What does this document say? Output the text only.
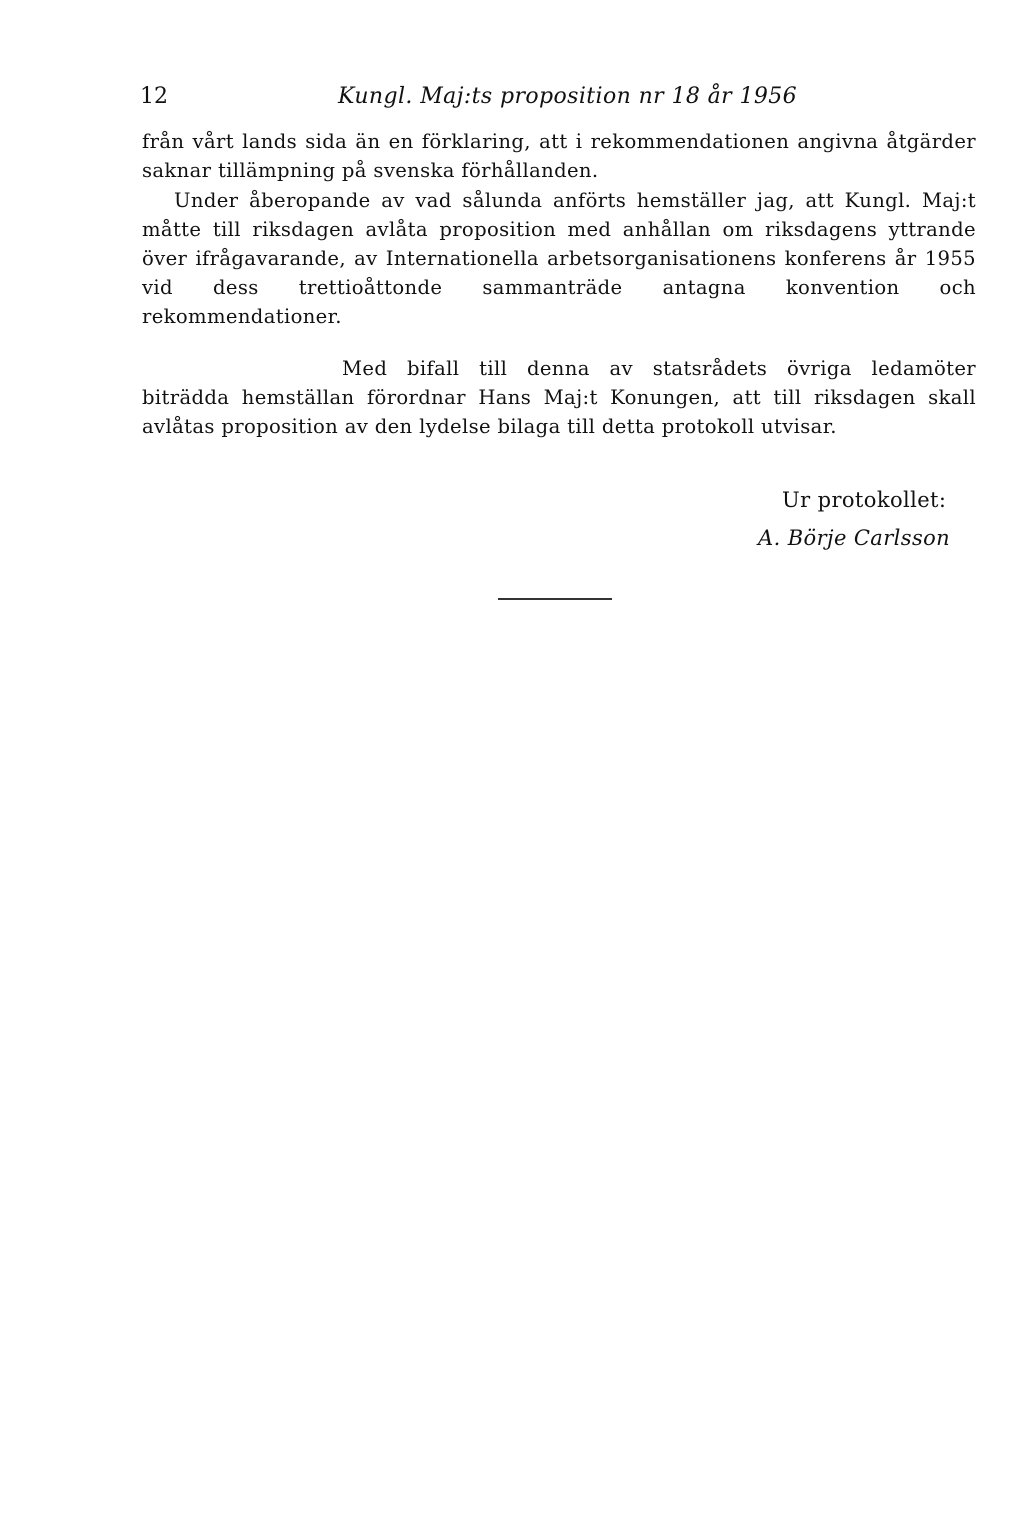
12	Kungl. Maj:ts proposition nr 18 år 1956

från vårt lands sida än en förklaring, att i rekommendationen angivna åtgärder saknar tillämpning på svenska förhållanden.

Under åberopande av vad sålunda anförts hemställer jag, att Kungl. Maj:t måtte till riksdagen avlåta proposition med anhållan om riksdagens yttrande över ifrågavarande, av Internationella arbetsorganisationens konferens år 1955 vid dess trettioåttonde sammanträde antagna konvention och rekommendationer.

Med bifall till denna av statsrådets övriga ledamöter biträdda hemställan förordnar Hans Maj:t Konungen, att till riksdagen skall avlåtas proposition av den lydelse bilaga till detta protokoll utvisar.

Ur protokollet:
A. Börje Carlsson
